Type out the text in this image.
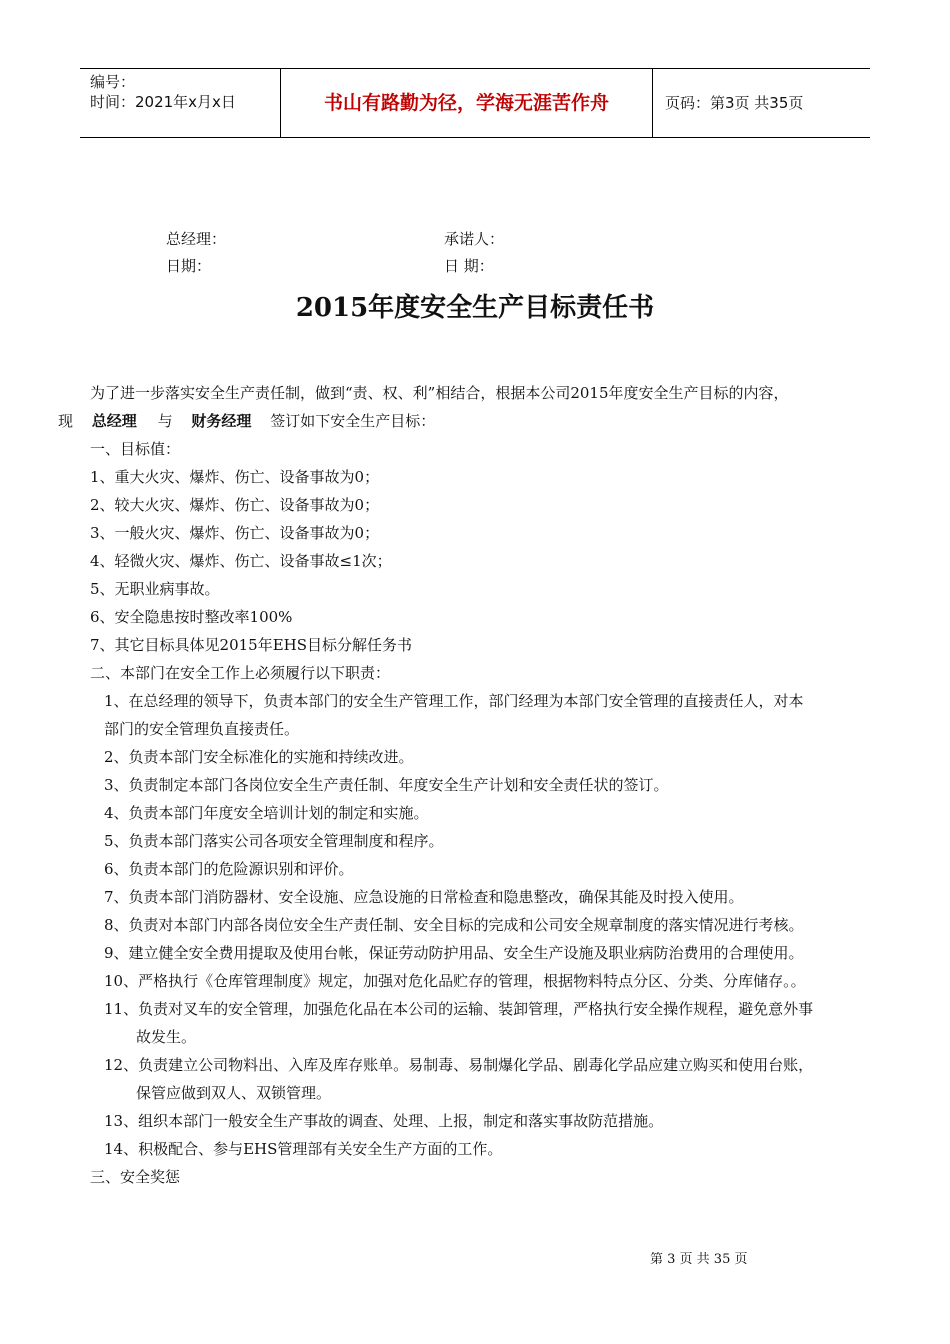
编号：
时间：2021年x月x日	书山有路勤为径，学海无涯苦作舟	页码：第3页 共35页
总经理：	承诺人：
日期：	日 期：
2015年度安全生产目标责任书
为了进一步落实安全生产责任制，做到“责、权、利”相结合，根据本公司2015年度安全生产目标的内容，
现 总经理 与 财务经理 签订如下安全生产目标：
一、目标值：
1、重大火灾、爆炸、伤亡、设备事故为0；
2、较大火灾、爆炸、伤亡、设备事故为0；
3、一般火灾、爆炸、伤亡、设备事故为0；
4、轻微火灾、爆炸、伤亡、设备事故≤1次；
5、无职业病事故。
6、安全隐患按时整改率100%
7、其它目标具体见2015年EHS目标分解任务书
二、本部门在安全工作上必须履行以下职责：
1、在总经理的领导下，负责本部门的安全生产管理工作，部门经理为本部门安全管理的直接责任人，对本
部门的安全管理负直接责任。
2、负责本部门安全标准化的实施和持续改进。
3、负责制定本部门各岗位安全生产责任制、年度安全生产计划和安全责任状的签订。
4、负责本部门年度安全培训计划的制定和实施。
5、负责本部门落实公司各项安全管理制度和程序。
6、负责本部门的危险源识别和评价。
7、负责本部门消防器材、安全设施、应急设施的日常检查和隐患整改，确保其能及时投入使用。
8、负责对本部门内部各岗位安全生产责任制、安全目标的完成和公司安全规章制度的落实情况进行考核。
9、建立健全安全费用提取及使用台帐，保证劳动防护用品、安全生产设施及职业病防治费用的合理使用。
10、严格执行《仓库管理制度》规定，加强对危化品贮存的管理，根据物料特点分区、分类、分库储存。。
11、负责对叉车的安全管理，加强危化品在本公司的运输、装卸管理，严格执行安全操作规程，避免意外事
故发生。
12、负责建立公司物料出、入库及库存账单。易制毒、易制爆化学品、剧毒化学品应建立购买和使用台账，
保管应做到双人、双锁管理。
13、组织本部门一般安全生产事故的调查、处理、上报，制定和落实事故防范措施。
14、积极配合、参与EHS管理部有关安全生产方面的工作。
三、安全奖惩
第 3 页 共 35 页
